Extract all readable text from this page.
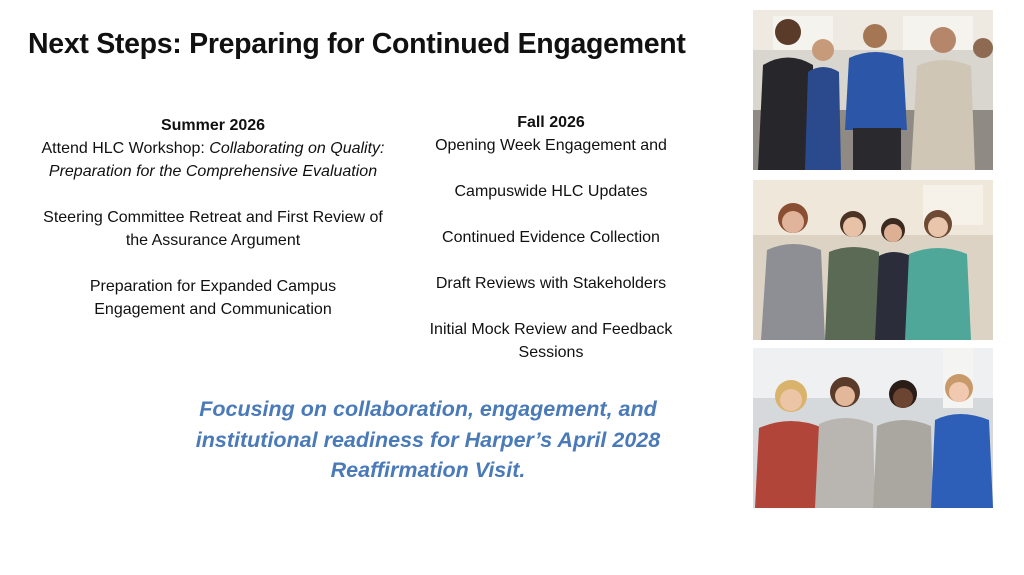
Next Steps: Preparing for Continued Engagement
Summer 2026

Attend HLC Workshop: Collaborating on Quality: Preparation for the Comprehensive Evaluation

Steering Committee Retreat and First Review of the Assurance Argument

Preparation for Expanded Campus Engagement and Communication

Fall 2026

Opening Week Engagement and

Campuswide HLC Updates

Continued Evidence Collection

Draft Reviews with Stakeholders

Initial Mock Review and Feedback Sessions

Focusing on collaboration, engagement, and institutional readiness for Harper’s April 2028 Reaffirmation Visit.
